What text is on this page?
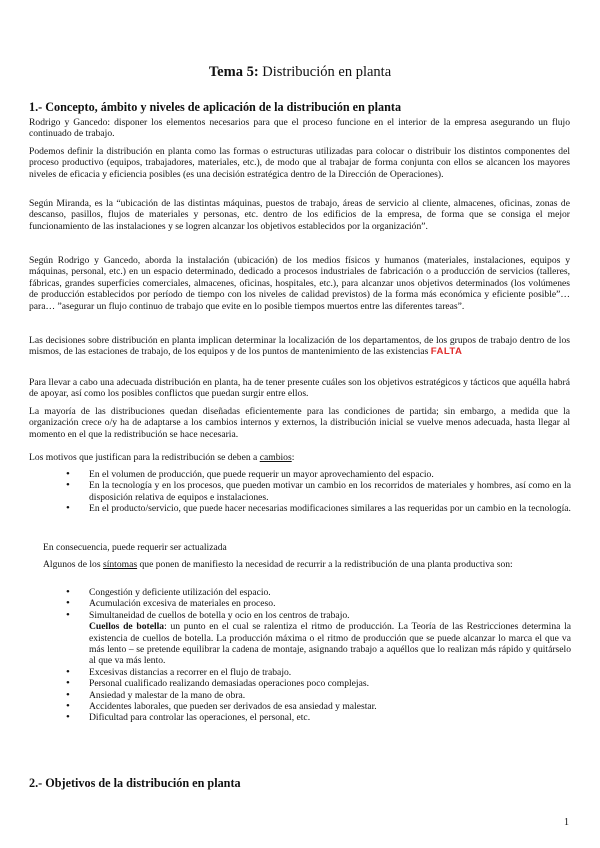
Tema 5: Distribución en planta
1.- Concepto, ámbito y niveles de aplicación de la distribución en planta
Rodrigo y Gancedo: disponer los elementos necesarios para que el proceso funcione en el interior de la empresa asegurando un flujo continuado de trabajo.
Podemos definir la distribución en planta como las formas o estructuras utilizadas para colocar o distribuir los distintos componentes del proceso productivo (equipos, trabajadores, materiales, etc.), de modo que al trabajar de forma conjunta con ellos se alcancen los mayores niveles de eficacia y eficiencia posibles (es una decisión estratégica dentro de la Dirección de Operaciones).
Según Miranda, es la “ubicación de las distintas máquinas, puestos de trabajo, áreas de servicio al cliente, almacenes, oficinas, zonas de descanso, pasillos, flujos de materiales y personas, etc. dentro de los edificios de la empresa, de forma que se consiga el mejor funcionamiento de las instalaciones y se logren alcanzar los objetivos establecidos por la organización”.
Según Rodrigo y Gancedo, aborda la instalación (ubicación) de los medios físicos y humanos (materiales, instalaciones, equipos y máquinas, personal, etc.) en un espacio determinado, dedicado a procesos industriales de fabricación o a producción de servicios (talleres, fábricas, grandes superficies comerciales, almacenes, oficinas, hospitales, etc.), para alcanzar unos objetivos determinados (los volúmenes de producción establecidos por período de tiempo con los niveles de calidad previstos) de la forma más económica y eficiente posible”… para… ”asegurar un flujo continuo de trabajo que evite en lo posible tiempos muertos entre las diferentes tareas”.
Las decisiones sobre distribución en planta implican determinar la localización de los departamentos, de los grupos de trabajo dentro de los mismos, de las estaciones de trabajo, de los equipos y de los puntos de mantenimiento de las existencias FALTA
Para llevar a cabo una adecuada distribución en planta, ha de tener presente cuáles son los objetivos estratégicos y tácticos que aquélla habrá de apoyar, así como los posibles conflictos que puedan surgir entre ellos.
La mayoría de las distribuciones quedan diseñadas eficientemente para las condiciones de partida; sin embargo, a medida que la organización crece o/y ha de adaptarse a los cambios internos y externos, la distribución inicial se vuelve menos adecuada, hasta llegar al momento en el que la redistribución se hace necesaria.
Los motivos que justifican para la redistribución se deben a cambios:
• En el volumen de producción, que puede requerir un mayor aprovechamiento del espacio.
• En la tecnología y en los procesos, que pueden motivar un cambio en los recorridos de materiales y hombres, así como en la disposición relativa de equipos e instalaciones.
• En el producto/servicio, que puede hacer necesarias modificaciones similares a las requeridas por un cambio en la tecnología.
En consecuencia, puede requerir ser actualizada
Algunos de los síntomas que ponen de manifiesto la necesidad de recurrir a la redistribución de una planta productiva son:
• Congestión y deficiente utilización del espacio.
• Acumulación excesiva de materiales en proceso.
• Simultaneidad de cuellos de botella y ocio en los centros de trabajo.
Cuellos de botella: un punto en el cual se ralentiza el ritmo de producción. La Teoría de las Restricciones determina la existencia de cuellos de botella. La producción máxima o el ritmo de producción que se puede alcanzar lo marca el que va más lento – se pretende equilibrar la cadena de montaje, asignando trabajo a aquéllos que lo realizan más rápido y quitárselo al que va más lento.
• Excesivas distancias a recorrer en el flujo de trabajo.
• Personal cualificado realizando demasiadas operaciones poco complejas.
• Ansiedad y malestar de la mano de obra.
• Accidentes laborales, que pueden ser derivados de esa ansiedad y malestar.
• Dificultad para controlar las operaciones, el personal, etc.
2.- Objetivos de la distribución en planta
1
